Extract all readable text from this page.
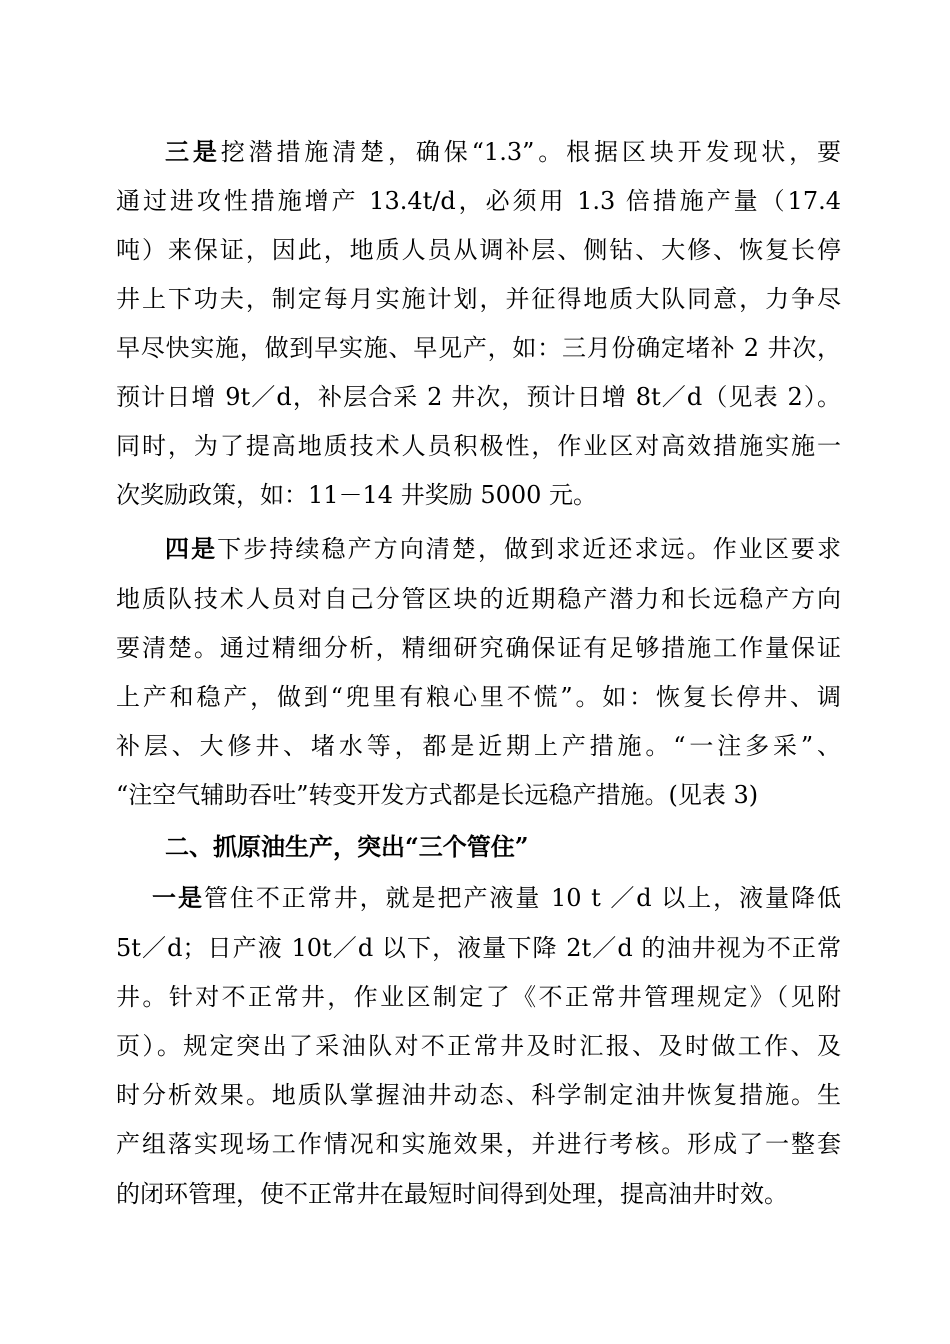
三是挖潜措施清楚，确保“1.3”。根据区块开发现状，要
通过进攻性措施增产 13.4t/d，必须用 1.3 倍措施产量（17.4
吨）来保证，因此，地质人员从调补层、侧钻、大修、恢复长停
井上下功夫，制定每月实施计划，并征得地质大队同意，力争尽
早尽快实施，做到早实施、早见产，如：三月份确定堵补 2 井次，
预计日增 9t／d，补层合采 2 井次，预计日增 8t／d（见表 2）。
同时，为了提高地质技术人员积极性，作业区对高效措施实施一
次奖励政策，如：11－14 井奖励 5000 元。
四是下步持续稳产方向清楚，做到求近还求远。作业区要求
地质队技术人员对自己分管区块的近期稳产潜力和长远稳产方向
要清楚。通过精细分析，精细研究确保证有足够措施工作量保证
上产和稳产，做到“兜里有粮心里不慌”。如：恢复长停井、调
补层、大修井、堵水等，都是近期上产措施。“一注多采”、
“注空气辅助吞吐”转变开发方式都是长远稳产措施。(见表 3)
二、抓原油生产，突出“三个管住”
一是管住不正常井，就是把产液量 10 t ／d 以上，液量降低
5t／d；日产液 10t／d 以下，液量下降 2t／d 的油井视为不正常
井。针对不正常井，作业区制定了《不正常井管理规定》（见附
页）。规定突出了采油队对不正常井及时汇报、及时做工作、及
时分析效果。地质队掌握油井动态、科学制定油井恢复措施。生
产组落实现场工作情况和实施效果，并进行考核。形成了一整套
的闭环管理，使不正常井在最短时间得到处理，提高油井时效。
